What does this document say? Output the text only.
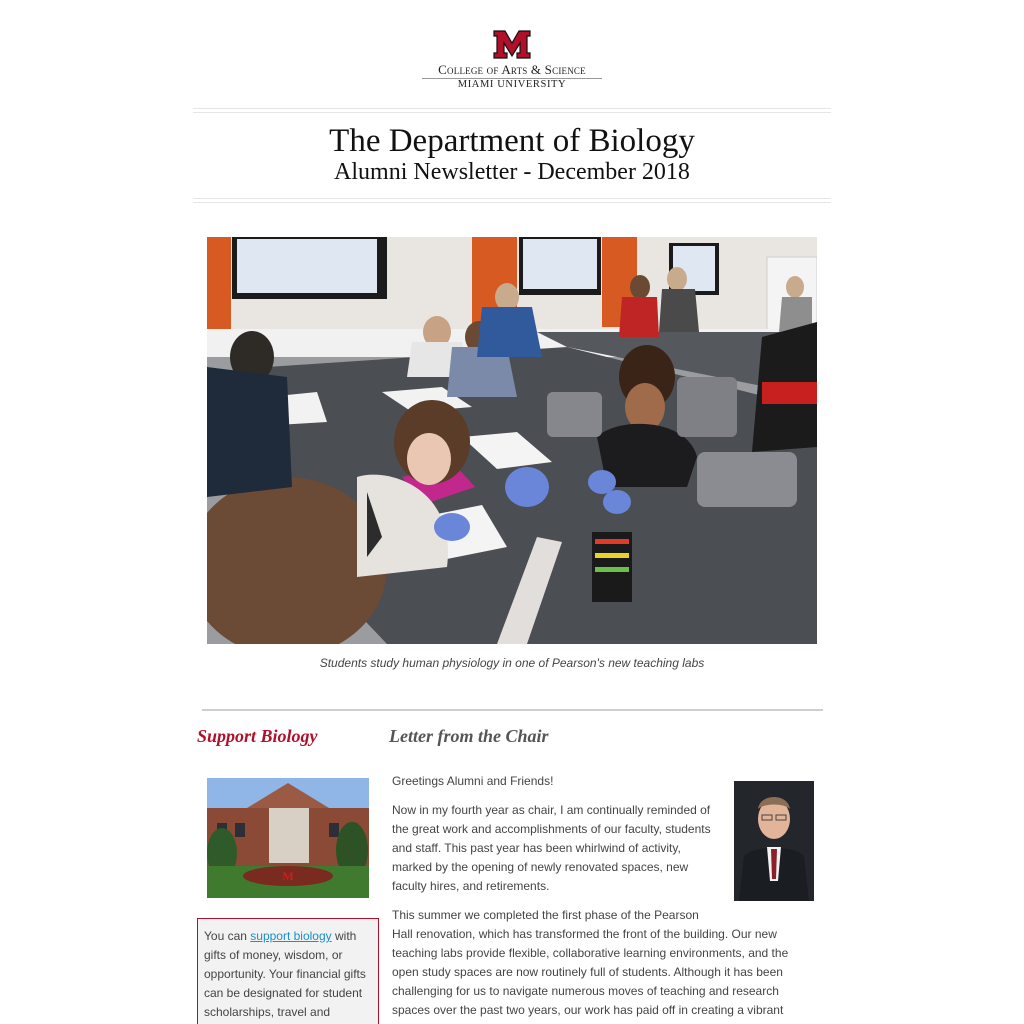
College of Arts & Science
MIAMI UNIVERSITY
The Department of Biology
Alumni Newsletter - December 2018
Students study human physiology in one of Pearson's new teaching labs
Support Biology	Letter from the Chair
M
You can support biology with gifts of money, wisdom, or opportunity. Your financial gifts can be designated for student scholarships, travel and
Greetings Alumni and Friends!
Now in my fourth year as chair, I am continually reminded of the great work and accomplishments of our faculty, students and staff. This past year has been whirlwind of activity, marked by the opening of newly renovated spaces, new faculty hires, and retirements.
This summer we completed the first phase of the Pearson Hall renovation, which has transformed the front of the building. Our new teaching labs provide flexible, collaborative learning environments, and the open study spaces are now routinely full of students. Although it has been challenging for us to navigate numerous moves of teaching and research spaces over the past two years, our work has paid off in creating a vibrant
